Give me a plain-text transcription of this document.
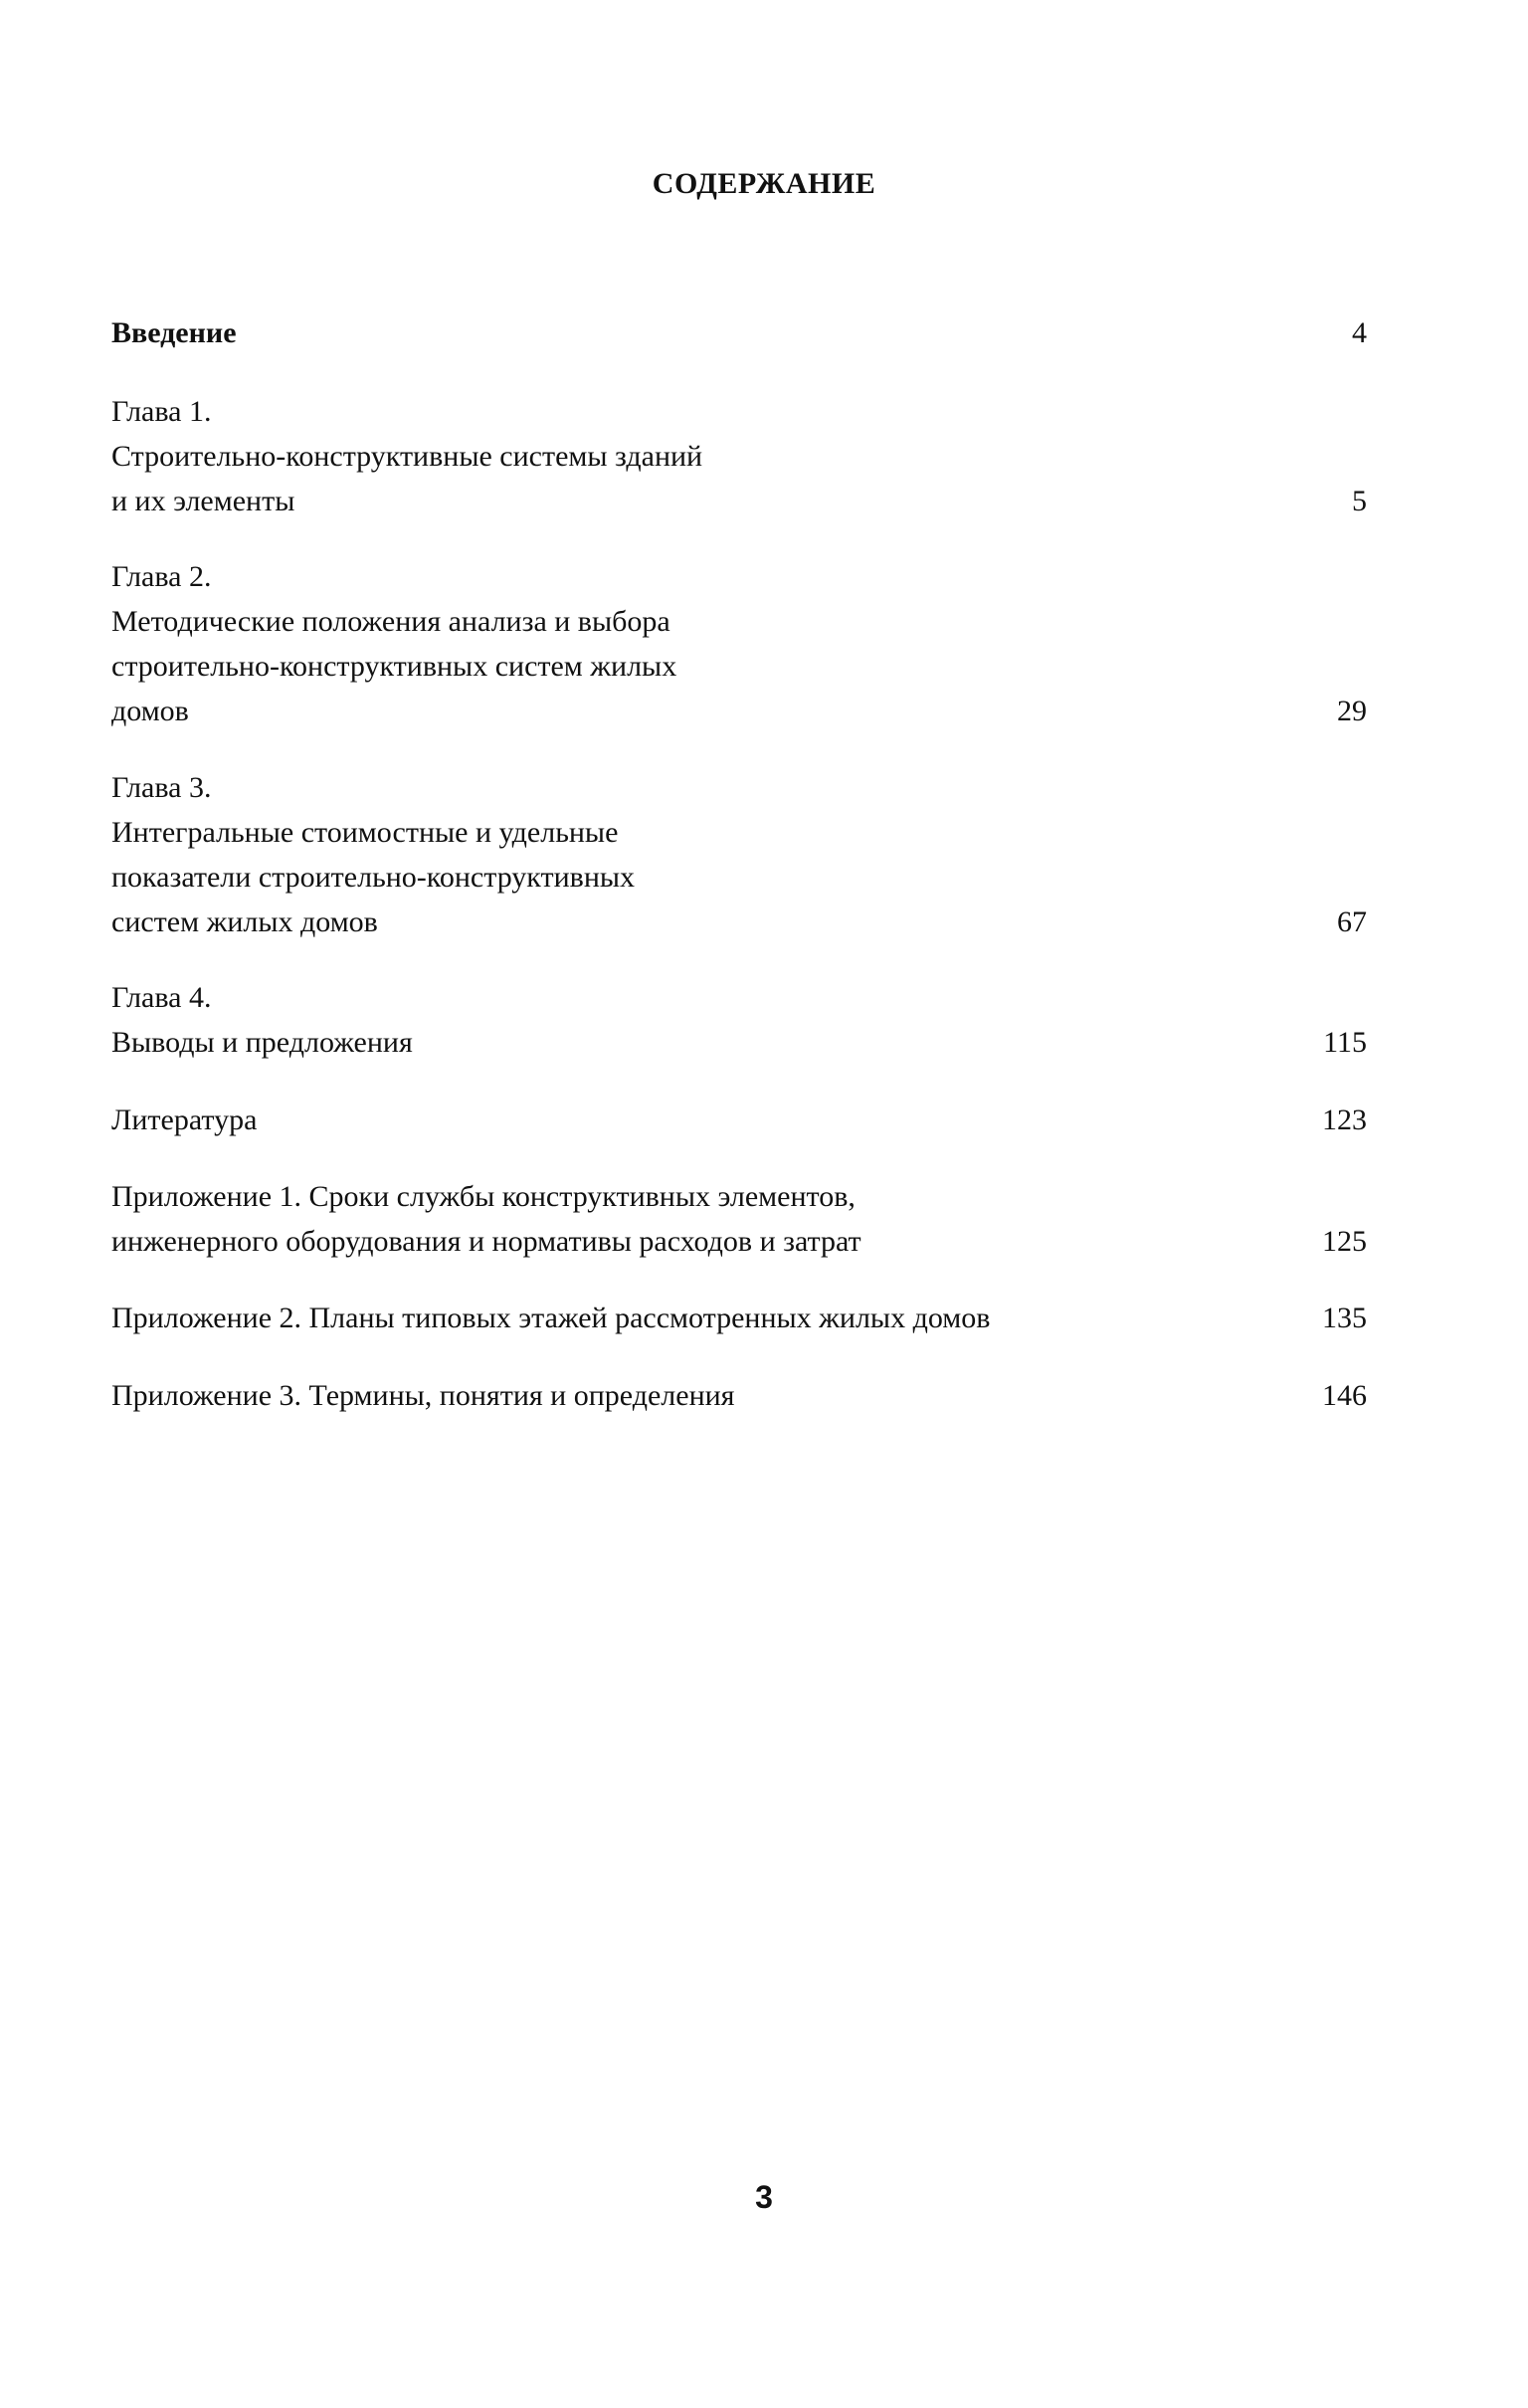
СОДЕРЖАНИЕ
Введение	4
Глава 1.
Строительно-конструктивные системы зданий
и их элементы	5
Глава 2.
Методические положения анализа и выбора
строительно-конструктивных систем жилых
домов	29
Глава 3.
Интегральные стоимостные и удельные
показатели строительно-конструктивных
систем жилых домов	67
Глава 4.
Выводы и предложения	115
Литература	123
Приложение 1. Сроки службы конструктивных элементов,
инженерного оборудования и нормативы расходов и затрат	125
Приложение 2. Планы типовых этажей рассмотренных жилых домов	135
Приложение 3. Термины, понятия и определения	146
3
